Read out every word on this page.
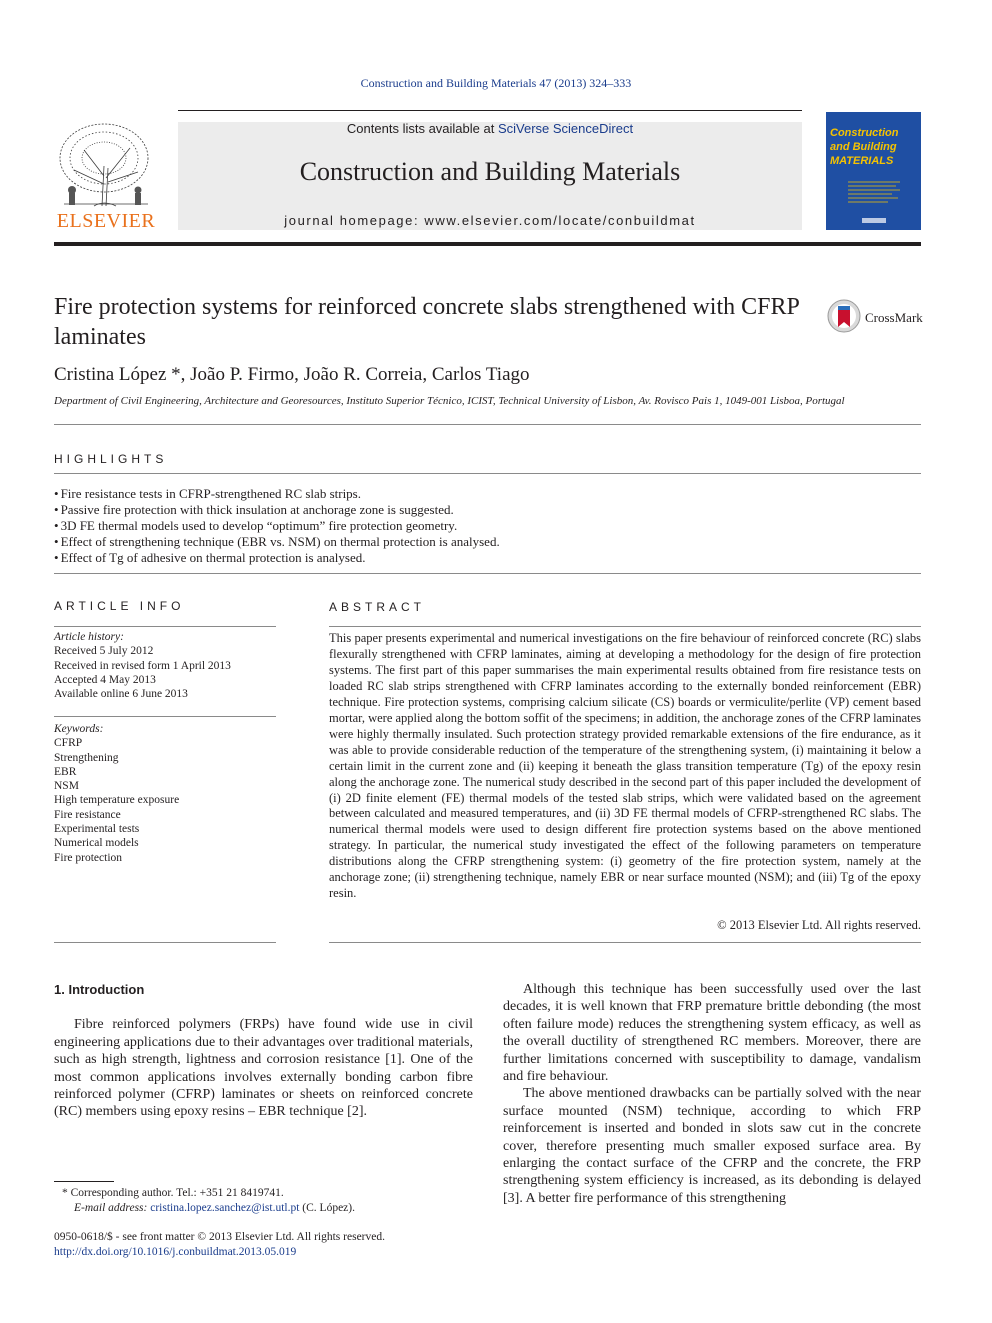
Construction and Building Materials 47 (2013) 324–333
ELSEVIER
Contents lists available at SciVerse ScienceDirect
Construction and Building Materials
journal homepage: www.elsevier.com/locate/conbuildmat
Construction
and Building
MATERIALS
Fire protection systems for reinforced concrete slabs strengthened with CFRP laminates
CrossMark
Cristina López *, João P. Firmo, João R. Correia, Carlos Tiago
Department of Civil Engineering, Architecture and Georesources, Instituto Superior Técnico, ICIST, Technical University of Lisbon, Av. Rovisco Pais 1, 1049-001 Lisboa, Portugal
HIGHLIGHTS
• Fire resistance tests in CFRP-strengthened RC slab strips.
• Passive fire protection with thick insulation at anchorage zone is suggested.
• 3D FE thermal models used to develop “optimum” fire protection geometry.
• Effect of strengthening technique (EBR vs. NSM) on thermal protection is analysed.
• Effect of Tg of adhesive on thermal protection is analysed.
ARTICLE INFO
Article history:
Received 5 July 2012
Received in revised form 1 April 2013
Accepted 4 May 2013
Available online 6 June 2013
Keywords:
CFRP
Strengthening
EBR
NSM
High temperature exposure
Fire resistance
Experimental tests
Numerical models
Fire protection
ABSTRACT
This paper presents experimental and numerical investigations on the fire behaviour of reinforced concrete (RC) slabs flexurally strengthened with CFRP laminates, aiming at developing a methodology for the design of fire protection systems. The first part of this paper summarises the main experimental results obtained from fire resistance tests on loaded RC slab strips strengthened with CFRP laminates according to the externally bonded reinforcement (EBR) technique. Fire protection systems, comprising calcium silicate (CS) boards or vermiculite/perlite (VP) cement based mortar, were applied along the bottom soffit of the specimens; in addition, the anchorage zones of the CFRP laminates were highly thermally insulated. Such protection strategy provided remarkable extensions of the fire endurance, as it was able to provide considerable reduction of the temperature of the strengthening system, (i) maintaining it below a certain limit in the current zone and (ii) keeping it beneath the glass transition temperature (Tg) of the epoxy resin along the anchorage zone. The numerical study described in the second part of this paper included the development of (i) 2D finite element (FE) thermal models of the tested slab strips, which were validated based on the agreement between calculated and measured temperatures, and (ii) 3D FE thermal models of CFRP-strengthened RC slabs. The numerical thermal models were used to design different fire protection systems based on the above mentioned strategy. In particular, the numerical study investigated the effect of the following parameters on temperature distributions along the CFRP strengthening system: (i) geometry of the fire protection system, namely at the anchorage zone; (ii) strengthening technique, namely EBR or near surface mounted (NSM); and (iii) Tg of the epoxy resin.
© 2013 Elsevier Ltd. All rights reserved.

1. Introduction

Fibre reinforced polymers (FRPs) have found wide use in civil engineering applications due to their advantages over traditional materials, such as high strength, lightness and corrosion resistance [1]. One of the most common applications involves externally bonding carbon fibre reinforced polymer (CFRP) laminates or sheets on reinforced concrete (RC) members using epoxy resins – EBR technique [2].

Although this technique has been successfully used over the last decades, it is well known that FRP premature brittle debonding (the most often failure mode) reduces the strengthening system efficacy, as well as the overall ductility of strengthened RC members. Moreover, there are further limitations concerned with susceptibility to damage, vandalism and fire behaviour.

The above mentioned drawbacks can be partially solved with the near surface mounted (NSM) technique, according to which FRP reinforcement is inserted and bonded in slots saw cut in the concrete cover, therefore presenting much smaller exposed surface area. By enlarging the contact surface of the CFRP and the concrete, the FRP strengthening system efficiency is increased, as its debonding is delayed [3]. A better fire performance of this strengthening

* Corresponding author. Tel.: +351 21 8419741.
E-mail address: cristina.lopez.sanchez@ist.utl.pt (C. López).
0950-0618/$ - see front matter © 2013 Elsevier Ltd. All rights reserved.
http://dx.doi.org/10.1016/j.conbuildmat.2013.05.019
